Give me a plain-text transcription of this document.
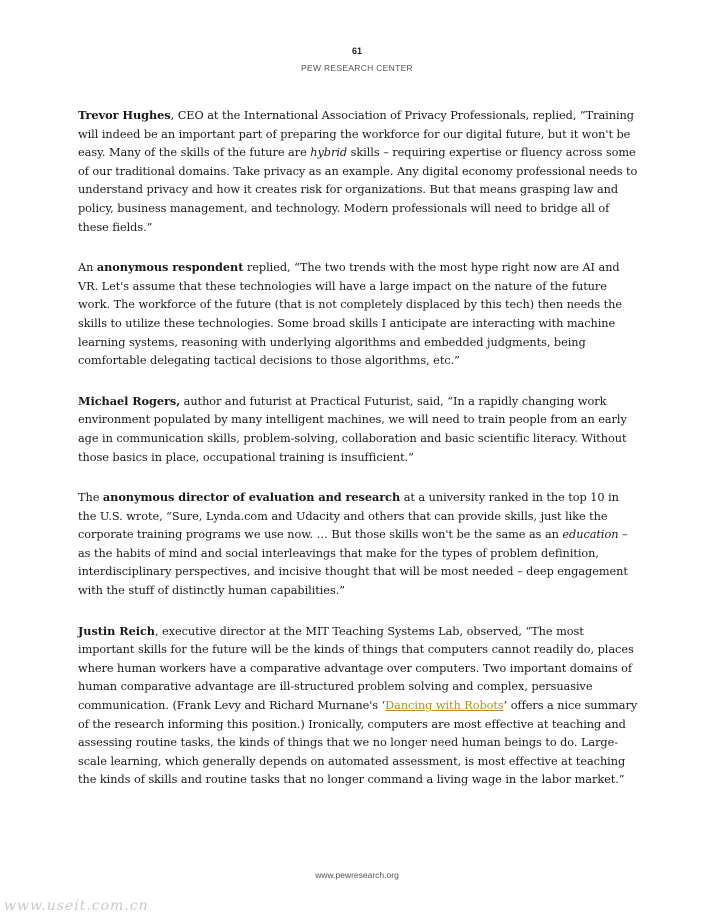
61
PEW RESEARCH CENTER

Trevor Hughes, CEO at the International Association of Privacy Professionals, replied, “Training will indeed be an important part of preparing the workforce for our digital future, but it won't be easy. Many of the skills of the future are hybrid skills – requiring expertise or fluency across some of our traditional domains. Take privacy as an example. Any digital economy professional needs to understand privacy and how it creates risk for organizations. But that means grasping law and policy, business management, and technology. Modern professionals will need to bridge all of these fields.”

An anonymous respondent replied, “The two trends with the most hype right now are AI and VR. Let's assume that these technologies will have a large impact on the nature of the future work. The workforce of the future (that is not completely displaced by this tech) then needs the skills to utilize these technologies. Some broad skills I anticipate are interacting with machine learning systems, reasoning with underlying algorithms and embedded judgments, being comfortable delegating tactical decisions to those algorithms, etc.”

Michael Rogers, author and futurist at Practical Futurist, said, “In a rapidly changing work environment populated by many intelligent machines, we will need to train people from an early age in communication skills, problem-solving, collaboration and basic scientific literacy. Without those basics in place, occupational training is insufficient.”

The anonymous director of evaluation and research at a university ranked in the top 10 in the U.S. wrote, “Sure, Lynda.com and Udacity and others that can provide skills, just like the corporate training programs we use now. … But those skills won't be the same as an education – as the habits of mind and social interleavings that make for the types of problem definition, interdisciplinary perspectives, and incisive thought that will be most needed – deep engagement with the stuff of distinctly human capabilities.”

Justin Reich, executive director at the MIT Teaching Systems Lab, observed, “The most important skills for the future will be the kinds of things that computers cannot readily do, places where human workers have a comparative advantage over computers. Two important domains of human comparative advantage are ill-structured problem solving and complex, persuasive communication. (Frank Levy and Richard Murnane's ‘Dancing with Robots’ offers a nice summary of the research informing this position.) Ironically, computers are most effective at teaching and assessing routine tasks, the kinds of things that we no longer need human beings to do. Large-scale learning, which generally depends on automated assessment, is most effective at teaching the kinds of skills and routine tasks that no longer command a living wage in the labor market.”

www.pewresearch.org
www.useit.com.cn
